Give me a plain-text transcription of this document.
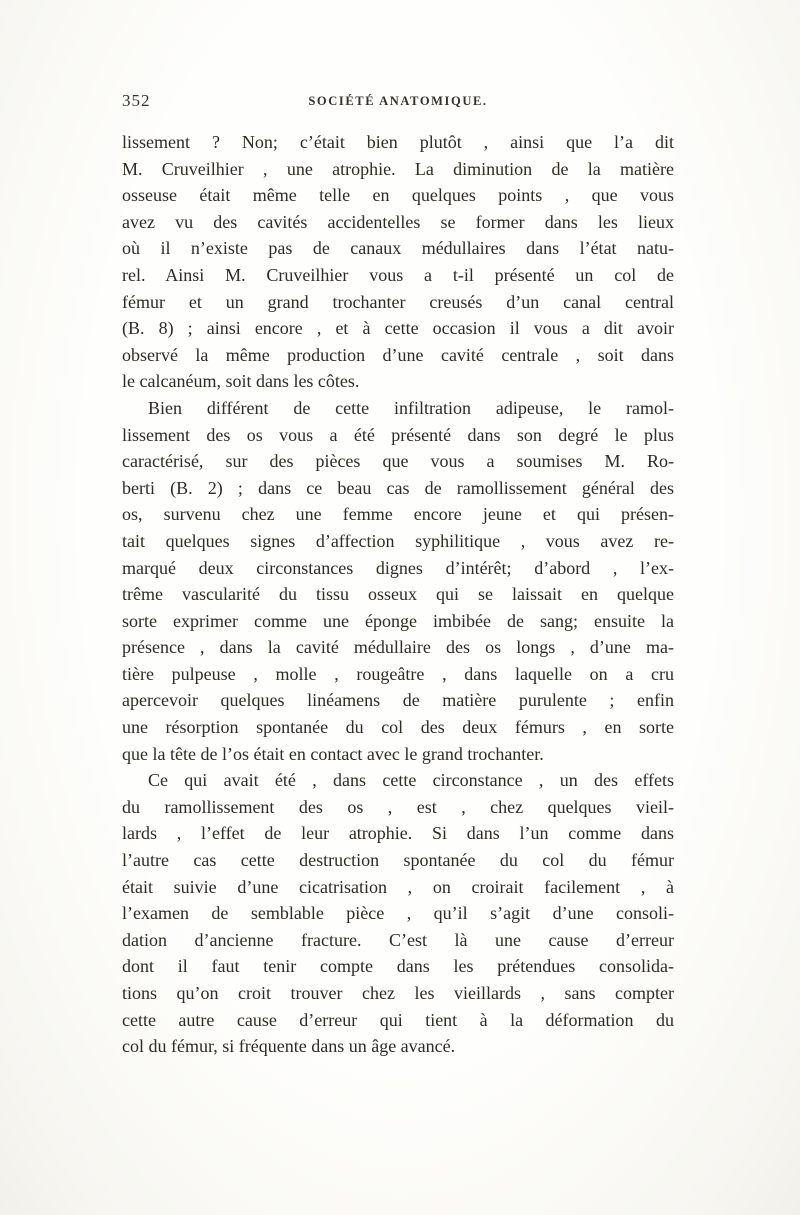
352	SOCIÉTÉ ANATOMIQUE.

lissement ? Non; c’était bien plutôt , ainsi que l’a dit
M. Cruveilhier , une atrophie. La diminution de la matière
osseuse était même telle en quelques points , que vous
avez vu des cavités accidentelles se former dans les lieux
où il n’existe pas de canaux médullaires dans l’état natu-
rel. Ainsi M. Cruveilhier vous a t-il présenté un col de
fémur et un grand trochanter creusés d’un canal central
(B. 8) ; ainsi encore , et à cette occasion il vous a dit avoir
observé la même production d’une cavité centrale , soit dans
le calcanéum, soit dans les côtes.

Bien différent de cette infiltration adipeuse, le ramol-
lissement des os vous a été présenté dans son degré le plus
caractérisé, sur des pièces que vous a soumises M. Ro-
berti (B. 2) ; dans ce beau cas de ramollissement général des
os, survenu chez une femme encore jeune et qui présen-
tait quelques signes d’affection syphilitique , vous avez re-
marqué deux circonstances dignes d’intérêt; d’abord , l’ex-
trême vascularité du tissu osseux qui se laissait en quelque
sorte exprimer comme une éponge imbibée de sang; ensuite la
présence , dans la cavité médullaire des os longs , d’une ma-
tière pulpeuse , molle , rougeâtre , dans laquelle on a cru
apercevoir quelques linéamens de matière purulente ; enfin
une résorption spontanée du col des deux fémurs , en sorte
que la tête de l’os était en contact avec le grand trochanter.

Ce qui avait été , dans cette circonstance , un des effets
du ramollissement des os , est , chez quelques vieil-
lards , l’effet de leur atrophie. Si dans l’un comme dans
l’autre cas cette destruction spontanée du col du fémur
était suivie d’une cicatrisation , on croirait facilement , à
l’examen de semblable pièce , qu’il s’agit d’une consoli-
dation d’ancienne fracture. C’est là une cause d’erreur
dont il faut tenir compte dans les prétendues consolida-
tions qu’on croit trouver chez les vieillards , sans compter
cette autre cause d’erreur qui tient à la déformation du
col du fémur, si fréquente dans un âge avancé.
